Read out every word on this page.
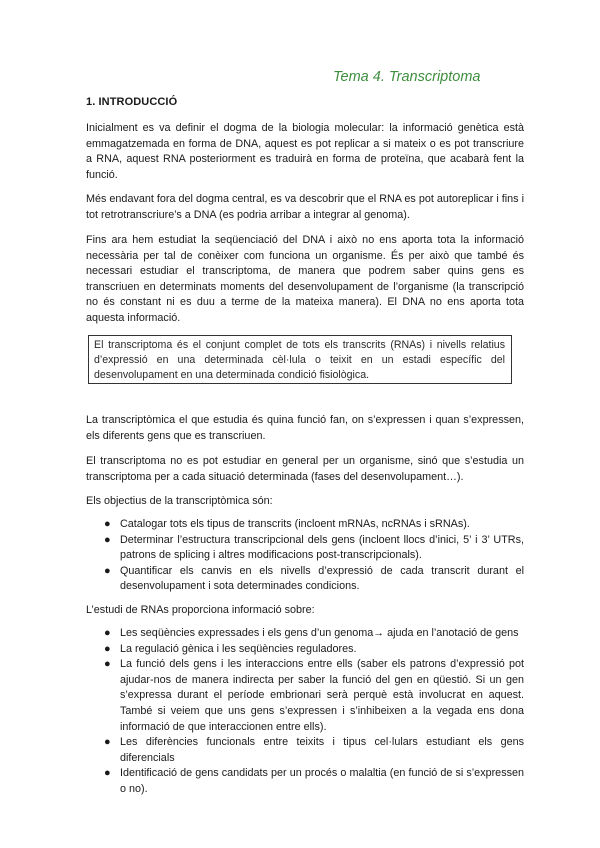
Tema 4. Transcriptoma
1. INTRODUCCIÓ

Inicialment es va definir el dogma de la biologia molecular: la informació genètica està emmagatzemada en forma de DNA, aquest es pot replicar a si mateix o es pot transcriure a RNA, aquest RNA posteriorment es traduirà en forma de proteïna, que acabarà fent la funció.

Més endavant fora del dogma central, es va descobrir que el RNA es pot autoreplicar i fins i tot retrotranscriure’s a DNA (es podria arribar a integrar al genoma).

Fins ara hem estudiat la seqüenciació del DNA i això no ens aporta tota la informació necessària per tal de conèixer com funciona un organisme. És per això que també és necessari estudiar el transcriptoma, de manera que podrem saber quins gens es transcriuen en determinats moments del desenvolupament de l’organisme (la transcripció no és constant ni es duu a terme de la mateixa manera). El DNA no ens aporta tota aquesta informació.

El transcriptoma és el conjunt complet de tots els transcrits (RNAs) i nivells relatius d’expressió en una determinada cèl·lula o teixit en un estadi específic del desenvolupament en una determinada condició fisiològica.

La transcriptòmica el que estudia és quina funció fan, on s’expressen i quan s’expressen, els diferents gens que es transcriuen.

El transcriptoma no es pot estudiar en general per un organisme, sinó que s’estudia un transcriptoma per a cada situació determinada (fases del desenvolupament…).

Els objectius de la transcriptòmica són:

● Catalogar tots els tipus de transcrits (incloent mRNAs, ncRNAs i sRNAs).
● Determinar l’estructura transcripcional dels gens (incloent llocs d’inici, 5’ i 3’ UTRs, patrons de splicing i altres modificacions post-transcripcionals).
● Quantificar els canvis en els nivells d’expressió de cada transcrit durant el desenvolupament i sota determinades condicions.

L’estudi de RNAs proporciona informació sobre:

● Les seqüències expressades i els gens d’un genoma→ ajuda en l’anotació de gens
● La regulació gènica i les seqüències reguladores.
● La funció dels gens i les interaccions entre ells (saber els patrons d’expressió pot ajudar-nos de manera indirecta per saber la funció del gen en qüestió. Si un gen s’expressa durant el període embrionari serà perquè està involucrat en aquest. També si veiem que uns gens s’expressen i s’inhibeixen a la vegada ens dona informació de que interaccionen entre ells).
● Les diferències funcionals entre teixits i tipus cel·lulars estudiant els gens diferencials
● Identificació de gens candidats per un procés o malaltia (en funció de si s’expressen o no).
